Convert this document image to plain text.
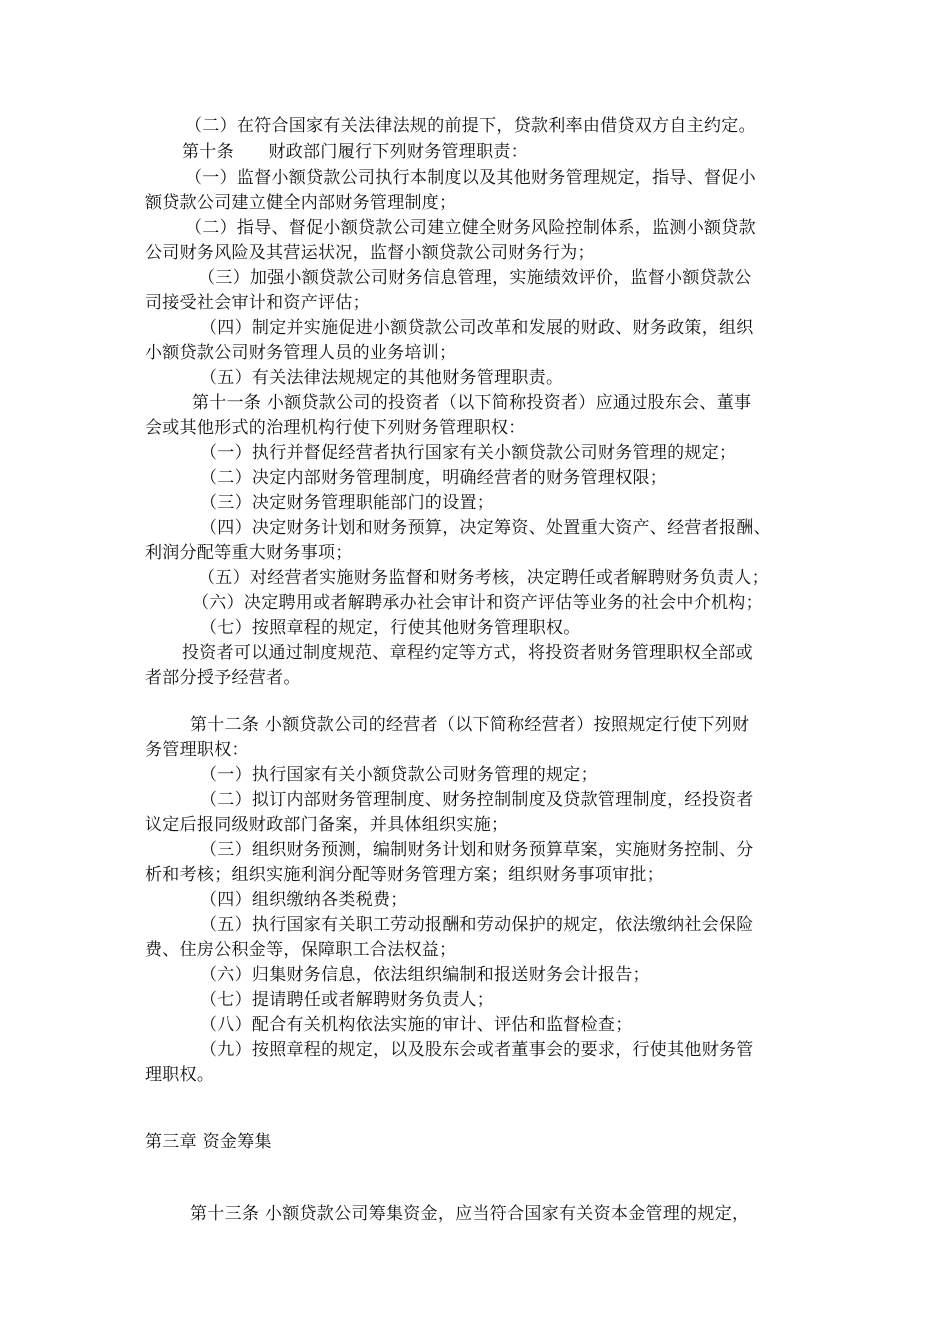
（二）在符合国家有关法律法规的前提下，贷款利率由借贷双方自主约定。
第十条　　财政部门履行下列财务管理职责：
（一）监督小额贷款公司执行本制度以及其他财务管理规定，指导、督促小
额贷款公司建立健全内部财务管理制度；
（二）指导、督促小额贷款公司建立健全财务风险控制体系，监测小额贷款
公司财务风险及其营运状况，监督小额贷款公司财务行为；
（三）加强小额贷款公司财务信息管理，实施绩效评价，监督小额贷款公
司接受社会审计和资产评估；
（四）制定并实施促进小额贷款公司改革和发展的财政、财务政策，组织
小额贷款公司财务管理人员的业务培训；
（五）有关法律法规规定的其他财务管理职责。
第十一条 小额贷款公司的投资者（以下简称投资者）应通过股东会、董事
会或其他形式的治理机构行使下列财务管理职权：
（一）执行并督促经营者执行国家有关小额贷款公司财务管理的规定；
（二）决定内部财务管理制度，明确经营者的财务管理权限；
（三）决定财务管理职能部门的设置；
（四）决定财务计划和财务预算，决定筹资、处置重大资产、经营者报酬、
利润分配等重大财务事项；
（五）对经营者实施财务监督和财务考核，决定聘任或者解聘财务负责人；
（六）决定聘用或者解聘承办社会审计和资产评估等业务的社会中介机构；
（七）按照章程的规定，行使其他财务管理职权。
投资者可以通过制度规范、章程约定等方式，将投资者财务管理职权全部或
者部分授予经营者。
第十二条 小额贷款公司的经营者（以下简称经营者）按照规定行使下列财
务管理职权：
（一）执行国家有关小额贷款公司财务管理的规定；
（二）拟订内部财务管理制度、财务控制制度及贷款管理制度，经投资者
议定后报同级财政部门备案，并具体组织实施；
（三）组织财务预测，编制财务计划和财务预算草案，实施财务控制、分
析和考核；组织实施利润分配等财务管理方案；组织财务事项审批；
（四）组织缴纳各类税费；
（五）执行国家有关职工劳动报酬和劳动保护的规定，依法缴纳社会保险
费、住房公积金等，保障职工合法权益；
（六）归集财务信息，依法组织编制和报送财务会计报告；
（七）提请聘任或者解聘财务负责人；
（八）配合有关机构依法实施的审计、评估和监督检查；
（九）按照章程的规定，以及股东会或者董事会的要求，行使其他财务管
理职权。
第三章 资金筹集
第十三条 小额贷款公司筹集资金，应当符合国家有关资本金管理的规定，
